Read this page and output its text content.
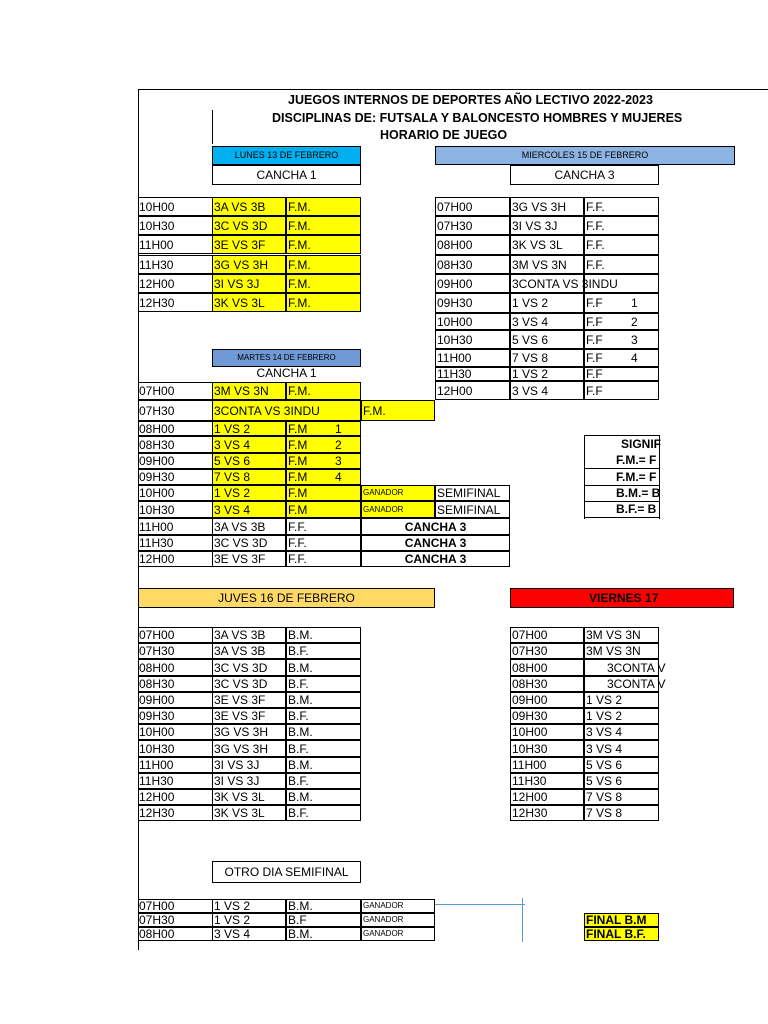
JUEGOS INTERNOS DE DEPORTES AÑO LECTIVO 2022-2023
DISCIPLINAS DE: FUTSALA Y BALONCESTO HOMBRES Y MUJERES
HORARIO DE JUEGO
LUNES 13 DE FEBRERO
CANCHA 1
10H00	3A VS 3B	F.M.
10H30	3C VS 3D	F.M.
11H00	3E VS 3F	F.M.
11H30	3G VS 3H	F.M.
12H00	3I VS 3J	F.M.
12H30	3K VS 3L	F.M.
MIERCOLES 15 DE FEBRERO
CANCHA 3
07H00	3G VS 3H	F.F.
07H30	3I VS 3J	F.F.
08H00	3K VS 3L	F.F.
08H30	3M VS 3N	F.F.
09H00	3CONTA VS 3INDU
09H30	1 VS 2	F.F	1
10H00	3 VS 4	F.F	2
10H30	5 VS 6	F.F	3
11H00	7 VS 8	F.F	4
11H30	1 VS 2	F.F
12H00	3 VS 4	F.F
MARTES 14 DE FEBRERO
CANCHA 1
07H00	3M VS 3N	F.M.
07H30	3CONTA VS 3INDU	F.M.
08H00	1 VS 2	F.M	1
08H30	3 VS 4	F.M	2
09H00	5 VS 6	F.M	3
09H30	7 VS 8	F.M	4
10H00	1 VS 2	F.M	GANADOR	SEMIFINAL
10H30	3 VS 4	F.M	GANADOR	SEMIFINAL
11H00	3A VS 3B	F.F.	CANCHA 3
11H30	3C VS 3D	F.F.	CANCHA 3
12H00	3E VS 3F	F.F.	CANCHA 3
SIGNIF
F.M.= F
F.M.= F
B.M.= B
B.F.= B
JUVES 16 DE FEBRERO
07H00	3A VS 3B	B.M.
07H30	3A VS 3B	B.F.
08H00	3C VS 3D	B.M.
08H30	3C VS 3D	B.F.
09H00	3E VS 3F	B.M.
09H30	3E VS 3F	B.F.
10H00	3G VS 3H	B.M.
10H30	3G VS 3H	B.F.
11H00	3I VS 3J	B.M.
11H30	3I VS 3J	B.F.
12H00	3K VS 3L	B.M.
12H30	3K VS 3L	B.F.
VIERNES 17
07H00	3M VS 3N
07H30	3M VS 3N
08H00	3CONTA V
08H30	3CONTA V
09H00	1 VS 2
09H30	1 VS 2
10H00	3 VS 4
10H30	3 VS 4
11H00	5 VS 6
11H30	5 VS 6
12H00	7 VS 8
12H30	7 VS 8
OTRO DIA SEMIFINAL
07H00	1 VS 2	B.M.	GANADOR
07H30	1 VS 2	B.F	GANADOR
08H00	3 VS 4	B.M.	GANADOR
FINAL B.M
FINAL B.F.
